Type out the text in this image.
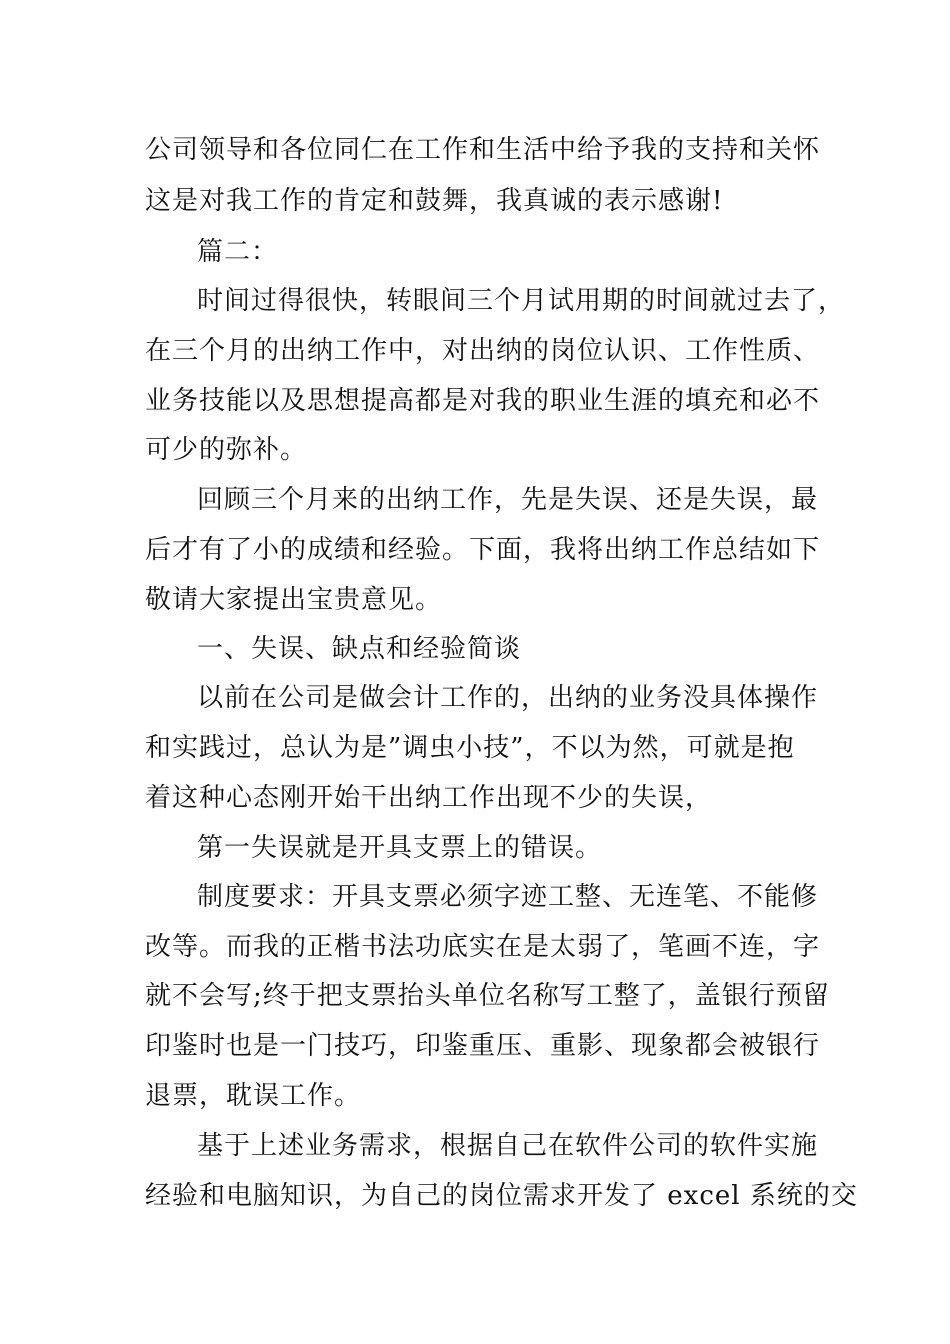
公司领导和各位同仁在工作和生活中给予我的支持和关怀
这是对我工作的肯定和鼓舞，我真诚的表示感谢!
篇二：
时间过得很快，转眼间三个月试用期的时间就过去了，
在三个月的出纳工作中，对出纳的岗位认识、工作性质、
业务技能以及思想提高都是对我的职业生涯的填充和必不
可少的弥补。
回顾三个月来的出纳工作，先是失误、还是失误，最
后才有了小的成绩和经验。下面，我将出纳工作总结如下
敬请大家提出宝贵意见。
一、失误、缺点和经验简谈
以前在公司是做会计工作的，出纳的业务没具体操作
和实践过，总认为是”调虫小技”，不以为然，可就是抱
着这种心态刚开始干出纳工作出现不少的失误，
第一失误就是开具支票上的错误。
制度要求：开具支票必须字迹工整、无连笔、不能修
改等。而我的正楷书法功底实在是太弱了，笔画不连，字
就不会写;终于把支票抬头单位名称写工整了，盖银行预留
印鉴时也是一门技巧，印鉴重压、重影、现象都会被银行
退票，耽误工作。
基于上述业务需求，根据自己在软件公司的软件实施
经验和电脑知识，为自己的岗位需求开发了 excel 系统的交
